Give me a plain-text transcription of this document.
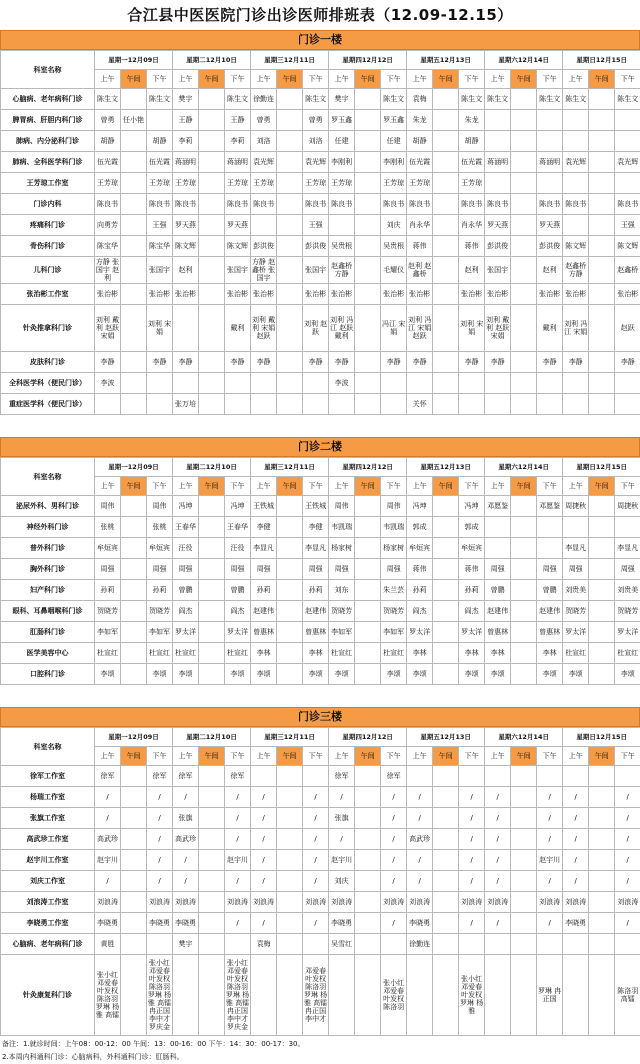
合江县中医医院门诊出诊医师排班表（12.09-12.15）
门诊一楼
科室名称	星期一12月09日			星期二12月10日			星期三12月11日			星期四12月12日			星期五12月13日			星期六12月14日			星期日12月15日		
	上午	午间	下午	上午	午间	下午	上午	午间	下午	上午	午间	下午	上午	午间	下午	上午	午间	下午	上午	午间	下午
心脑病、老年病科门诊	陈生文		陈生文	樊宇		陈生文	徐勤连		陈生文	樊宇		陈生文	袁梅		陈生文	陈生文		陈生文	陈生文		陈生文
脾胃病、肝胆内科门诊	曾勇	任小艳		王静		王静	曾勇		曾勇	罗玉鑫		罗玉鑫	朱龙		朱龙						
肺病、内分泌科门诊	胡静		胡静	李莉		李莉	刘洛		刘洛	任建		任建	胡静		胡静						
肺病、全科医学科门诊	伍光霞		伍光霞	蒋涵明		蒋涵明	袁光辉		袁光辉	李刚利		李刚利	伍光霞		伍光霞	蒋涵明		蒋涵明	袁光辉		袁光辉
王芳琼工作室	王芳琼		王芳琼	王芳琼		王芳琼	王芳琼		王芳琼	王芳琼		王芳琼	王芳琼		王芳琼						
门诊内科	陈良书		陈良书	陈良书		陈良书	陈良书		陈良书	陈良书		陈良书	陈良书		陈良书	陈良书		陈良书	陈良书		陈良书
疼痛科门诊	向勇芳		王强	罗天燕		罗天燕			王强			刘庆	肖永华		肖永华	罗天燕		罗天燕			王强
骨伤科门诊	陈宝华		陈宝华	陈文辉		陈文辉	彭洪俊		彭洪俊	吴贵根		吴贵根	蒋伟		蒋伟	彭洪俊		彭洪俊	陈文辉		陈文辉
儿科门诊	方静 张国宇 赵利		张国宇	赵利		张国宇	方静 赵鑫桥 张国宇		张国宇	赵鑫桥 方静		毛耀仪	赵利 赵鑫桥		赵利	张国宇		赵利	赵鑫桥 方静		赵鑫桥
张治彬工作室	张治彬		张治彬	张治彬		张治彬	张治彬		张治彬	张治彬		张治彬	张治彬		张治彬	张治彬		张治彬	张治彬		张治彬
针灸推拿科门诊	刘利 戴利 赵跃 宋娟		刘利 宋娟			戴利	刘利 戴利 宋娟 赵跃		刘利 赵跃	刘利 冯江 赵跃 戴利		冯江 宋娟	刘利 冯江 宋娟 赵跃		刘利 宋娟	刘利 戴利 赵跃 宋娟		戴利	刘利 冯江 宋娟		赵跃
皮肤科门诊	李静		李静	李静		李静	李静		李静	李静		李静	李静		李静	李静		李静	李静		李静
全科医学科（便民门诊）	李波									李波											
重症医学科（便民门诊）				张万培									关怀								
门诊二楼
科室名称	星期一12月09日			星期二12月10日			星期三12月11日			星期四12月12日			星期五12月13日			星期六12月14日			星期日12月15日		
	上午	午间	下午	上午	午间	下午	上午	午间	下午	上午	午间	下午	上午	午间	下午	上午	午间	下午	上午	午间	下午
泌尿外科、男科门诊	周伟		周伟	冯坤		冯坤	王铁城		王铁城	周伟		周伟	冯坤		冯坤	邓愿鉴		邓愿鉴	周捷秋		周捷秋
神经外科门诊	张桃		张桃	王春华		王春华	李健		李健	韦凯瑞		韦凯瑞	郭成		郭成						
普外科门诊	牟烜宾		牟烜宾	汪役		汪役	李显凡		李显凡	杨家树		杨家树	牟烜宾		牟烜宾				李显凡		李显凡
胸外科门诊	周强		周强	周强		周强	周强		周强	周强		周强	蒋伟		蒋伟	周强		周强	周强		周强
妇产科门诊	孙莉		孙莉	曾鹏		曾鹏	孙莉		孙莉	刘东		朱兰芸	孙莉		孙莉	曾鹏		曾鹏	刘贵美		刘贵美
眼科、耳鼻咽喉科门诊	贺晓芳		贺晓芳	阎杰		阎杰	赵建伟		赵建伟	贺晓芳		贺晓芳	阎杰		阎杰	赵建伟		赵建伟	贺晓芳		贺晓芳
肛肠科门诊	李如军		李如军	罗太洋		罗太洋	曾惠林		曾惠林	李如军		李如军	罗太洋		罗太洋	曾惠林		曾惠林	罗太洋		罗太洋
医学美容中心	杜宣红		杜宣红	杜宣红		杜宣红	李林		李林	杜宣红		杜宣红	李林		李林	李林		李林	杜宣红		杜宣红
口腔科门诊	李颂		李颂	李颂		李颂	李颂		李颂	李颂		李颂	李颂		李颂	李颂		李颂	李颂		李颂
门诊三楼
科室名称	星期一12月09日			星期二12月10日			星期三12月11日			星期四12月12日			星期五12月13日			星期六12月14日			星期日12月15日		
	上午	午间	下午	上午	午间	下午	上午	午间	下午	上午	午间	下午	上午	午间	下午	上午	午间	下午	上午	午间	下午
徐军工作室	徐军		徐军	徐军		徐军				徐军		徐军									
杨瑞工作室	/		/	/		/	/		/	/		/	/		/	/		/	/		/
张旗工作室	/		/	张旗		/	/		/	张旗		/	/		/	/		/	/		/
高武珍工作室	高武珍		/	高武珍		/	/		/	/		/	高武珍		/	/		/	/		/
赵宇川工作室	赵宇川		/	/		赵宇川	/		/	赵宇川		/	/		/	/		赵宇川	/		/
刘庆工作室	/		/	/		/	/		/	刘庆		/	/		/	/		/	/		/
刘浪涛工作室	刘浪涛		刘浪涛	刘浪涛		刘浪涛	刘浪涛		刘浪涛	刘浪涛		刘浪涛	刘浪涛		刘浪涛	刘浪涛		刘浪涛	刘浪涛		刘浪涛
李晓勇工作室	李晓勇		李晓勇	李晓勇		/	/		/	李晓勇		/	李晓勇		/	/		/	李晓勇		/
心脑病、老年病科门诊	黄胜			樊宇			袁梅			吴雪红			徐勤连								
针灸康复科门诊	张小红 邓爱春 叶发权 陈洛羽 罗琳 杨雅 高镭		张小红 邓爱春 叶发权 陈洛羽 罗琳 杨雅 高镭 冉正国 李中才 罗庆金			张小红 邓爱春 叶发权 陈洛羽 罗琳 杨雅 高镭 冉正国 李中才 罗庆金			邓爱春 叶发权 陈洛羽 罗琳 杨雅 高镭 冉正国 李中才			张小红 邓爱春 叶发权 陈洛羽			张小红 邓爱春 叶发权 罗琳 杨雅			罗琳 冉正国			陈洛羽 高镭
备注：1.就诊时间：上午08：00-12：00 午间：13：00-16：00 下午：14：30：00-17：30。
2.本周内科通科门诊：心脑病科，外科通科门诊：肛肠科。
